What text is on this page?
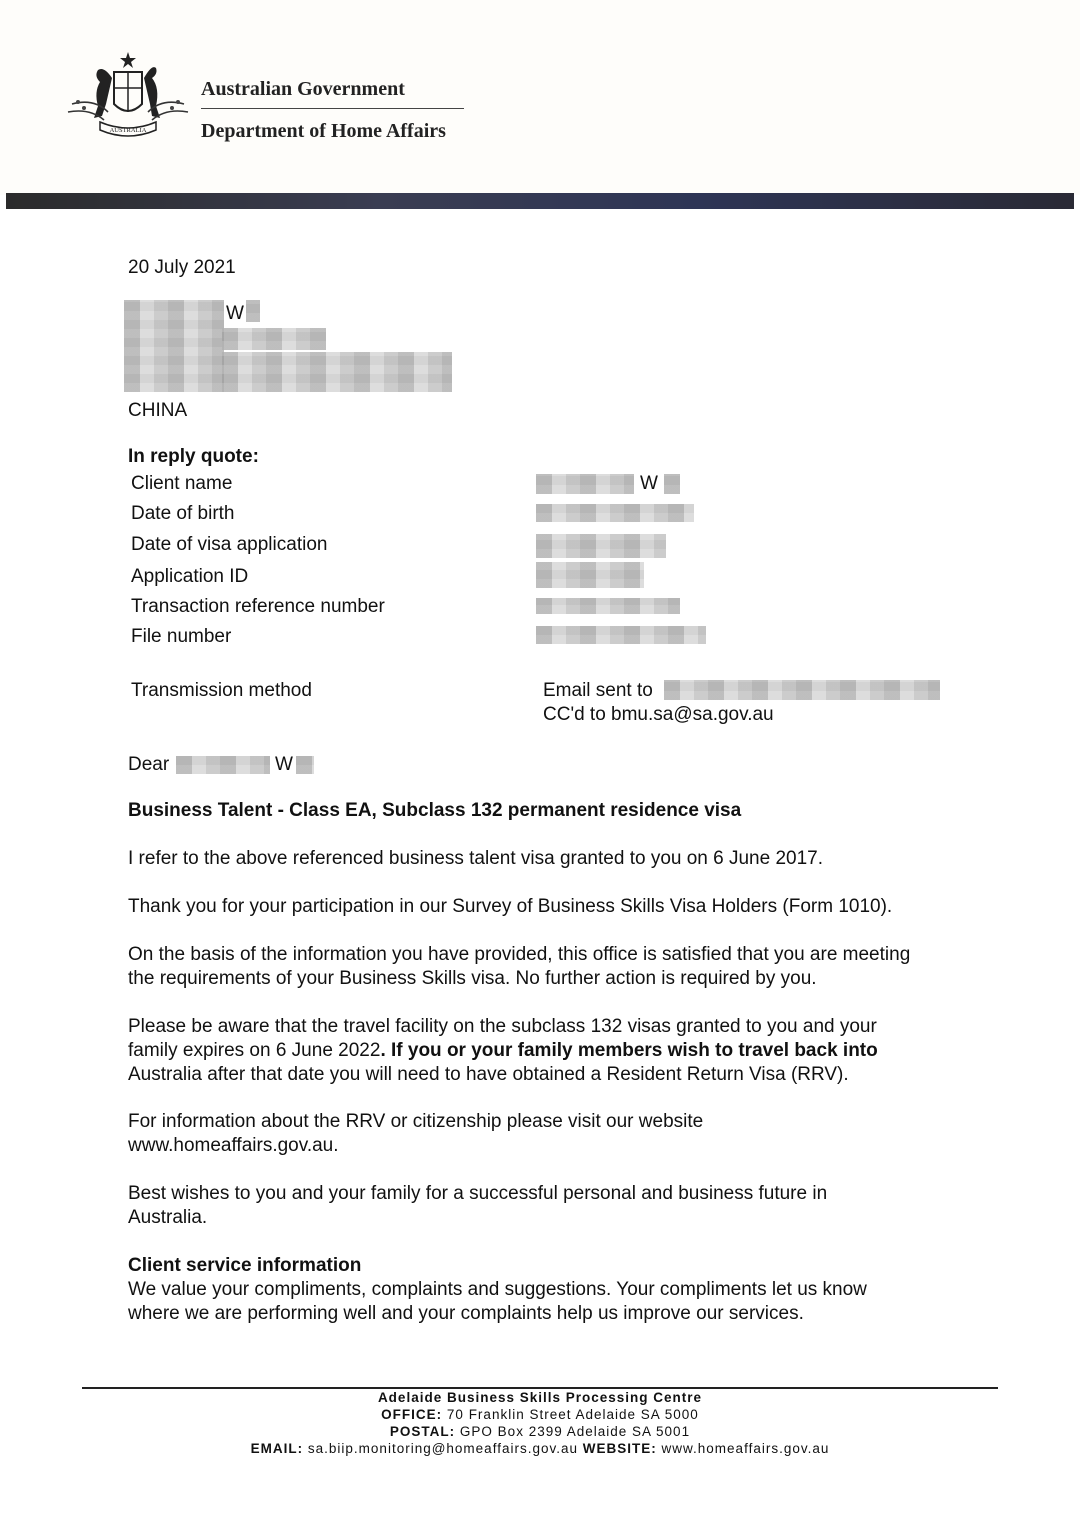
AUSTRALIA
Australian Government
Department of Home Affairs
20 July 2021
W
CHINA
In reply quote:
Client name	W
Date of birth
Date of visa application
Application ID
Transaction reference number
File number
Transmission method	Email sent to
CC'd to bmu.sa@sa.gov.au
Dear	W
Business Talent - Class EA, Subclass 132 permanent residence visa
I refer to the above referenced business talent visa granted to you on 6 June 2017.
Thank you for your participation in our Survey of Business Skills Visa Holders (Form 1010).
On the basis of the information you have provided, this office is satisfied that you are meeting
the requirements of your Business Skills visa. No further action is required by you.
Please be aware that the travel facility on the subclass 132 visas granted to you and your
family expires on 6 June 2022. If you or your family members wish to travel back into
Australia after that date you will need to have obtained a Resident Return Visa (RRV).
For information about the RRV or citizenship please visit our website
www.homeaffairs.gov.au.
Best wishes to you and your family for a successful personal and business future in
Australia.
Client service information
We value your compliments, complaints and suggestions. Your compliments let us know
where we are performing well and your complaints help us improve our services.
Adelaide Business Skills Processing Centre
OFFICE: 70 Franklin Street Adelaide SA 5000
POSTAL: GPO Box 2399 Adelaide SA 5001
EMAIL: sa.biip.monitoring@homeaffairs.gov.au WEBSITE: www.homeaffairs.gov.au
